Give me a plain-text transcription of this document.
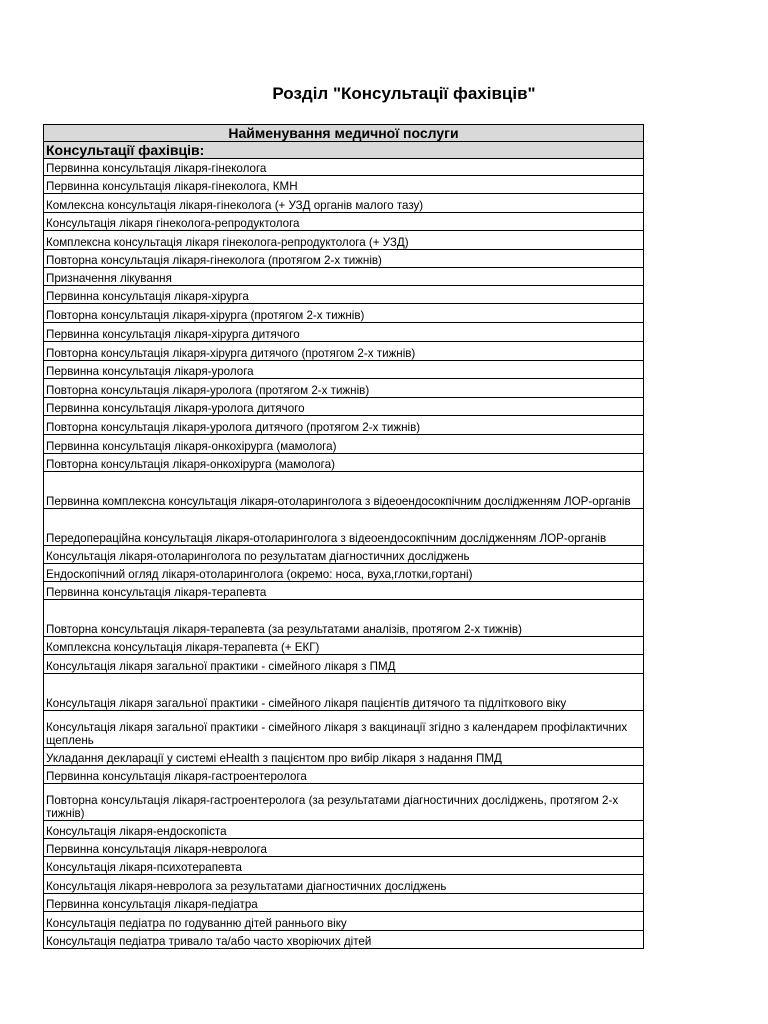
Розділ "Консультації фахівців"
Найменування медичної послуги
Консультації фахівців:
Первинна консультація лікаря-гінеколога
Первинна консультація лікаря-гінеколога, КМН
Комлексна консультація лікаря-гінеколога (+ УЗД органів малого тазу)
Консультація лікаря гінеколога-репродуктолога
Комплексна консультація лікаря гінеколога-репродуктолога (+ УЗД)
Повторна консультація лікаря-гінеколога (протягом 2-х тижнів)
Призначення лікування
Первинна консультація лікаря-хірурга
Повторна консультація лікаря-хірурга (протягом 2-х тижнів)
Первинна консультація лікаря-хірурга дитячого
Повторна консультація лікаря-хірурга дитячого (протягом 2-х тижнів)
Первинна консультація лікаря-уролога
Повторна консультація лікаря-уролога (протягом 2-х тижнів)
Первинна консультація лікаря-уролога дитячого
Повторна консультація лікаря-уролога дитячого (протягом 2-х тижнів)
Первинна консультація лікаря-онкохірурга (мамолога)
Повторна консультація лікаря-онкохірурга (мамолога)
Первинна комплексна консультація лікаря-отоларинголога з відеоендосокпічним дослідженням ЛОР-органів
Передопераційна консультація лікаря-отоларинголога з відеоендосокпічним дослідженням ЛОР-органів
Консультація лікаря-отоларинголога по результатам діагностичних досліджень
Ендоскопічний огляд лікаря-отоларинголога (окремо: носа, вуха,глотки,гортані)
Первинна консультація лікаря-терапевта
Повторна консультація лікаря-терапевта (за результатами аналізів, протягом 2-х тижнів)
Комплексна консультація лікаря-терапевта (+ ЕКГ)
Консультація лікаря загальної практики - сімейного лікаря з ПМД
Консультація лікаря загальної практики - сімейного лікаря пацієнтів дитячого та підліткового віку
Консультація лікаря загальної практики - сімейного лікаря з вакцинації згідно з календарем профілактичних щеплень
Укладання декларації у системі eHealth з пацієнтом про вибір лікаря з надання ПМД
Первинна консультація лікаря-гастроентеролога
Повторна консультація лікаря-гастроентеролога (за результатами діагностичних досліджень, протягом 2-х тижнів)
Консультація лікаря-ендоскопіста
Первинна консультація лікаря-невролога
Консультація лікаря-психотерапевта
Консультація лікаря-невролога за результатами діагностичних досліджень
Первинна консультація лікаря-педіатра
Консультація педіатра по годуванню дітей раннього віку
Консультація педіатра тривало та/або часто хворіючих дітей
